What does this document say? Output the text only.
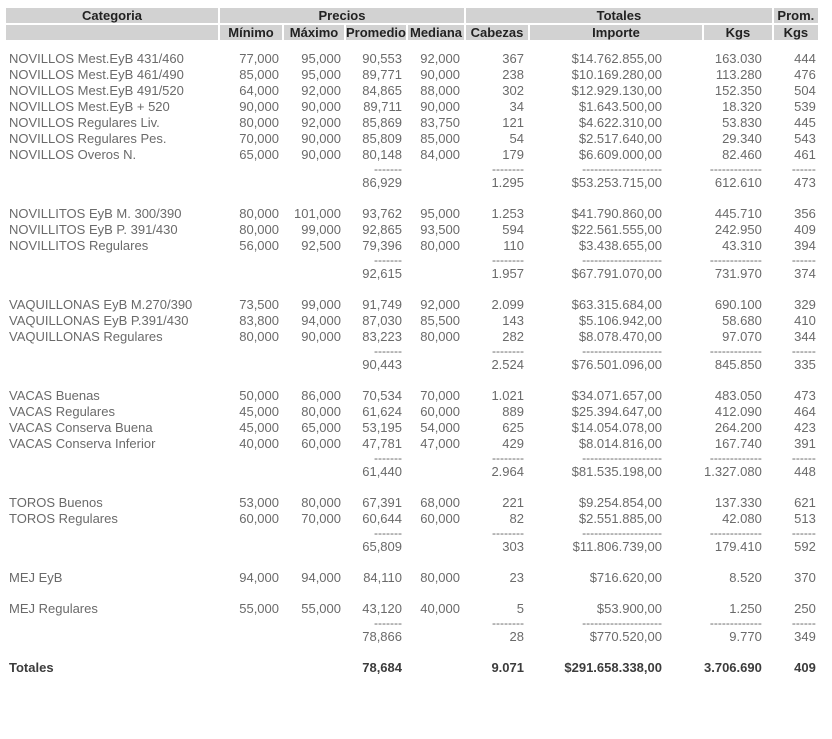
Categoria	Precios				Totales			Prom.
	Mínimo	Máximo	Promedio	Mediana	Cabezas	Importe	Kgs	Kgs

NOVILLOS Mest.EyB 431/460	77,000	95,000	90,553	92,000	367	$14.762.855,00	163.030	444
NOVILLOS Mest.EyB 461/490	85,000	95,000	89,771	90,000	238	$10.169.280,00	113.280	476
NOVILLOS Mest.EyB 491/520	64,000	92,000	84,865	88,000	302	$12.929.130,00	152.350	504
NOVILLOS Mest.EyB + 520	90,000	90,000	89,711	90,000	34	$1.643.500,00	18.320	539
NOVILLOS Regulares Liv.	80,000	92,000	85,869	83,750	121	$4.622.310,00	53.830	445
NOVILLOS Regulares Pes.	70,000	90,000	85,809	85,000	54	$2.517.640,00	29.340	543
NOVILLOS Overos N.	65,000	90,000	80,148	84,000	179	$6.609.000,00	82.460	461
			-------		--------	--------------------	-------------	------
			86,929		1.295	$53.253.715,00	612.610	473

NOVILLITOS EyB M. 300/390	80,000	101,000	93,762	95,000	1.253	$41.790.860,00	445.710	356
NOVILLITOS EyB P. 391/430	80,000	99,000	92,865	93,500	594	$22.561.555,00	242.950	409
NOVILLITOS Regulares	56,000	92,500	79,396	80,000	110	$3.438.655,00	43.310	394
			-------		--------	--------------------	-------------	------
			92,615		1.957	$67.791.070,00	731.970	374

VAQUILLONAS EyB M.270/390	73,500	99,000	91,749	92,000	2.099	$63.315.684,00	690.100	329
VAQUILLONAS EyB P.391/430	83,800	94,000	87,030	85,500	143	$5.106.942,00	58.680	410
VAQUILLONAS Regulares	80,000	90,000	83,223	80,000	282	$8.078.470,00	97.070	344
			-------		--------	--------------------	-------------	------
			90,443		2.524	$76.501.096,00	845.850	335

VACAS Buenas	50,000	86,000	70,534	70,000	1.021	$34.071.657,00	483.050	473
VACAS Regulares	45,000	80,000	61,624	60,000	889	$25.394.647,00	412.090	464
VACAS Conserva Buena	45,000	65,000	53,195	54,000	625	$14.054.078,00	264.200	423
VACAS Conserva Inferior	40,000	60,000	47,781	47,000	429	$8.014.816,00	167.740	391
			-------		--------	--------------------	-------------	------
			61,440		2.964	$81.535.198,00	1.327.080	448

TOROS Buenos	53,000	80,000	67,391	68,000	221	$9.254.854,00	137.330	621
TOROS Regulares	60,000	70,000	60,644	60,000	82	$2.551.885,00	42.080	513
			-------		--------	--------------------	-------------	------
			65,809		303	$11.806.739,00	179.410	592

MEJ EyB	94,000	94,000	84,110	80,000	23	$716.620,00	8.520	370

MEJ Regulares	55,000	55,000	43,120	40,000	5	$53.900,00	1.250	250
			-------		--------	--------------------	-------------	------
			78,866		28	$770.520,00	9.770	349

Totales			78,684		9.071	$291.658.338,00	3.706.690	409
